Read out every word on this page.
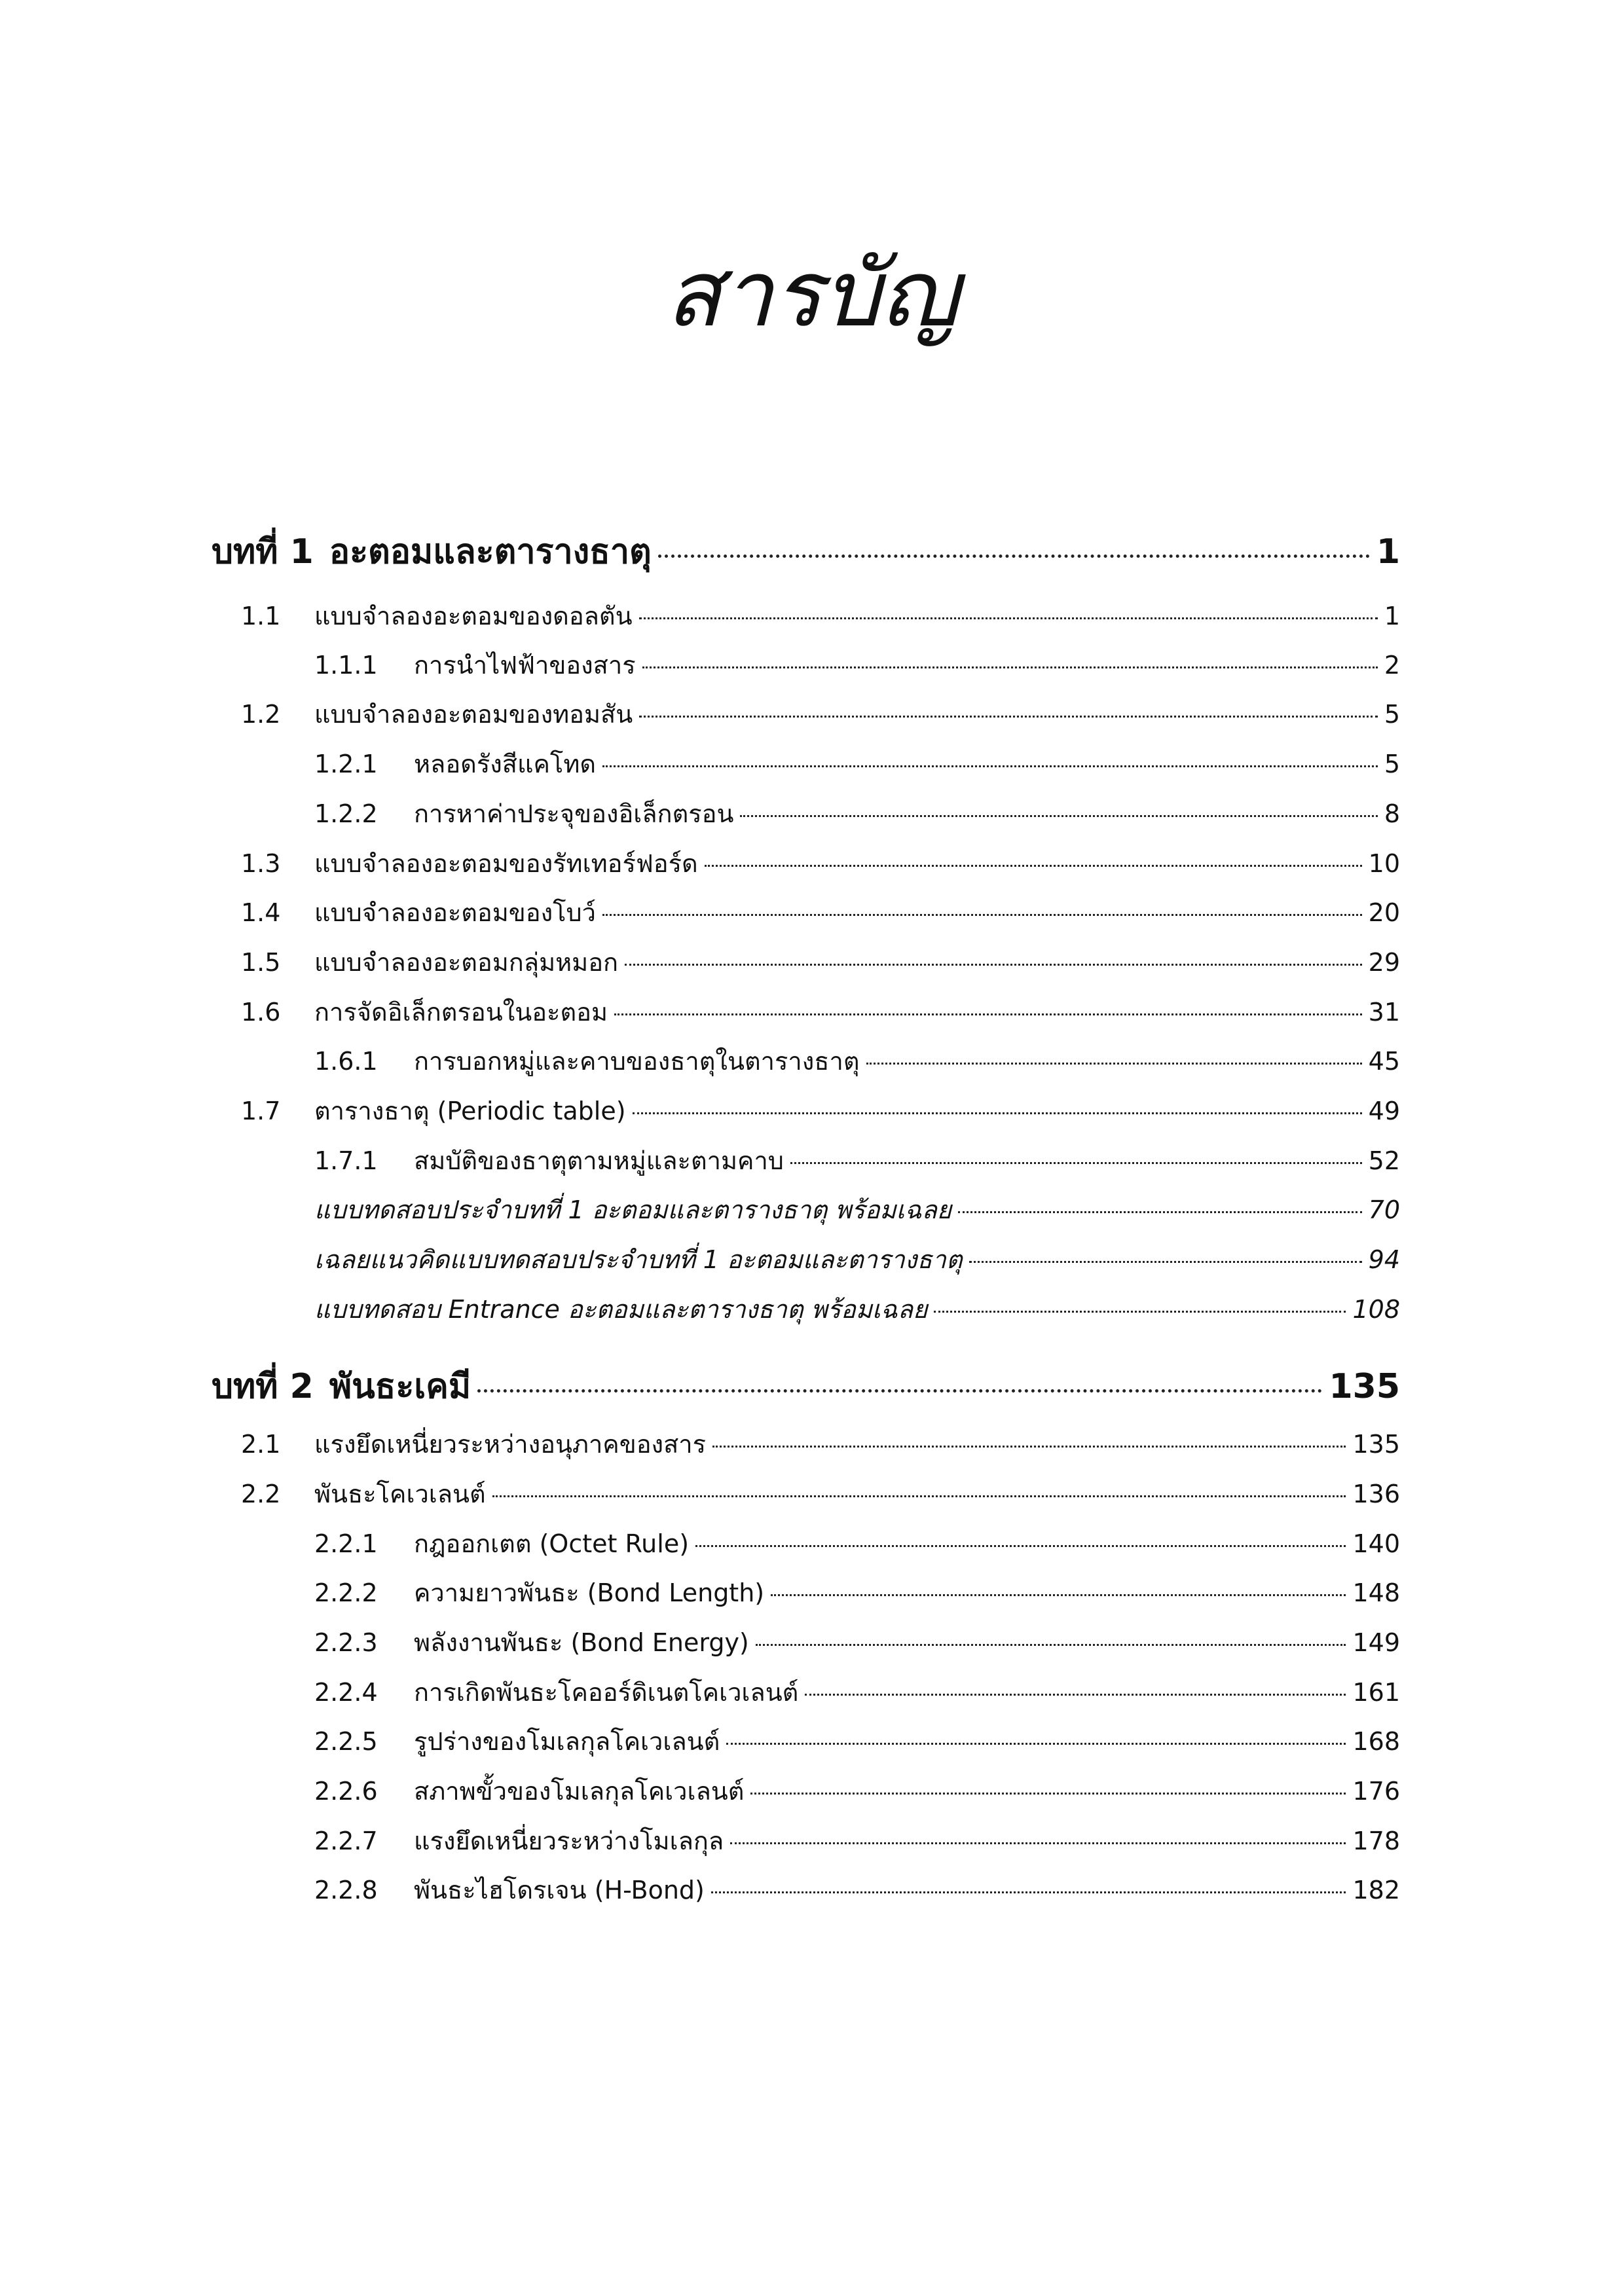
สารบัญ
บทที่ 1 อะตอมและตารางธาตุ	1
1.1	แบบจำลองอะตอมของดอลตัน	1
1.1.1	การนำไฟฟ้าของสาร	2
1.2	แบบจำลองอะตอมของทอมสัน	5
1.2.1	หลอดรังสีแคโทด	5
1.2.2	การหาค่าประจุของอิเล็กตรอน	8
1.3	แบบจำลองอะตอมของรัทเทอร์ฟอร์ด	10
1.4	แบบจำลองอะตอมของโบว์	20
1.5	แบบจำลองอะตอมกลุ่มหมอก	29
1.6	การจัดอิเล็กตรอนในอะตอม	31
1.6.1	การบอกหมู่และคาบของธาตุในตารางธาตุ	45
1.7	ตารางธาตุ (Periodic table)	49
1.7.1	สมบัติของธาตุตามหมู่และตามคาบ	52
แบบทดสอบประจำบทที่ 1 อะตอมและตารางธาตุ พร้อมเฉลย	70
เฉลยแนวคิดแบบทดสอบประจำบทที่ 1 อะตอมและตารางธาตุ	94
แบบทดสอบ Entrance อะตอมและตารางธาตุ พร้อมเฉลย	108
บทที่ 2 พันธะเคมี	135
2.1	แรงยึดเหนี่ยวระหว่างอนุภาคของสาร	135
2.2	พันธะโคเวเลนต์	136
2.2.1	กฎออกเตต (Octet Rule)	140
2.2.2	ความยาวพันธะ (Bond Length)	148
2.2.3	พลังงานพันธะ (Bond Energy)	149
2.2.4	การเกิดพันธะโคออร์ดิเนตโคเวเลนต์	161
2.2.5	รูปร่างของโมเลกุลโคเวเลนต์	168
2.2.6	สภาพขั้วของโมเลกุลโคเวเลนต์	176
2.2.7	แรงยึดเหนี่ยวระหว่างโมเลกุล	178
2.2.8	พันธะไฮโดรเจน (H-Bond)	182
